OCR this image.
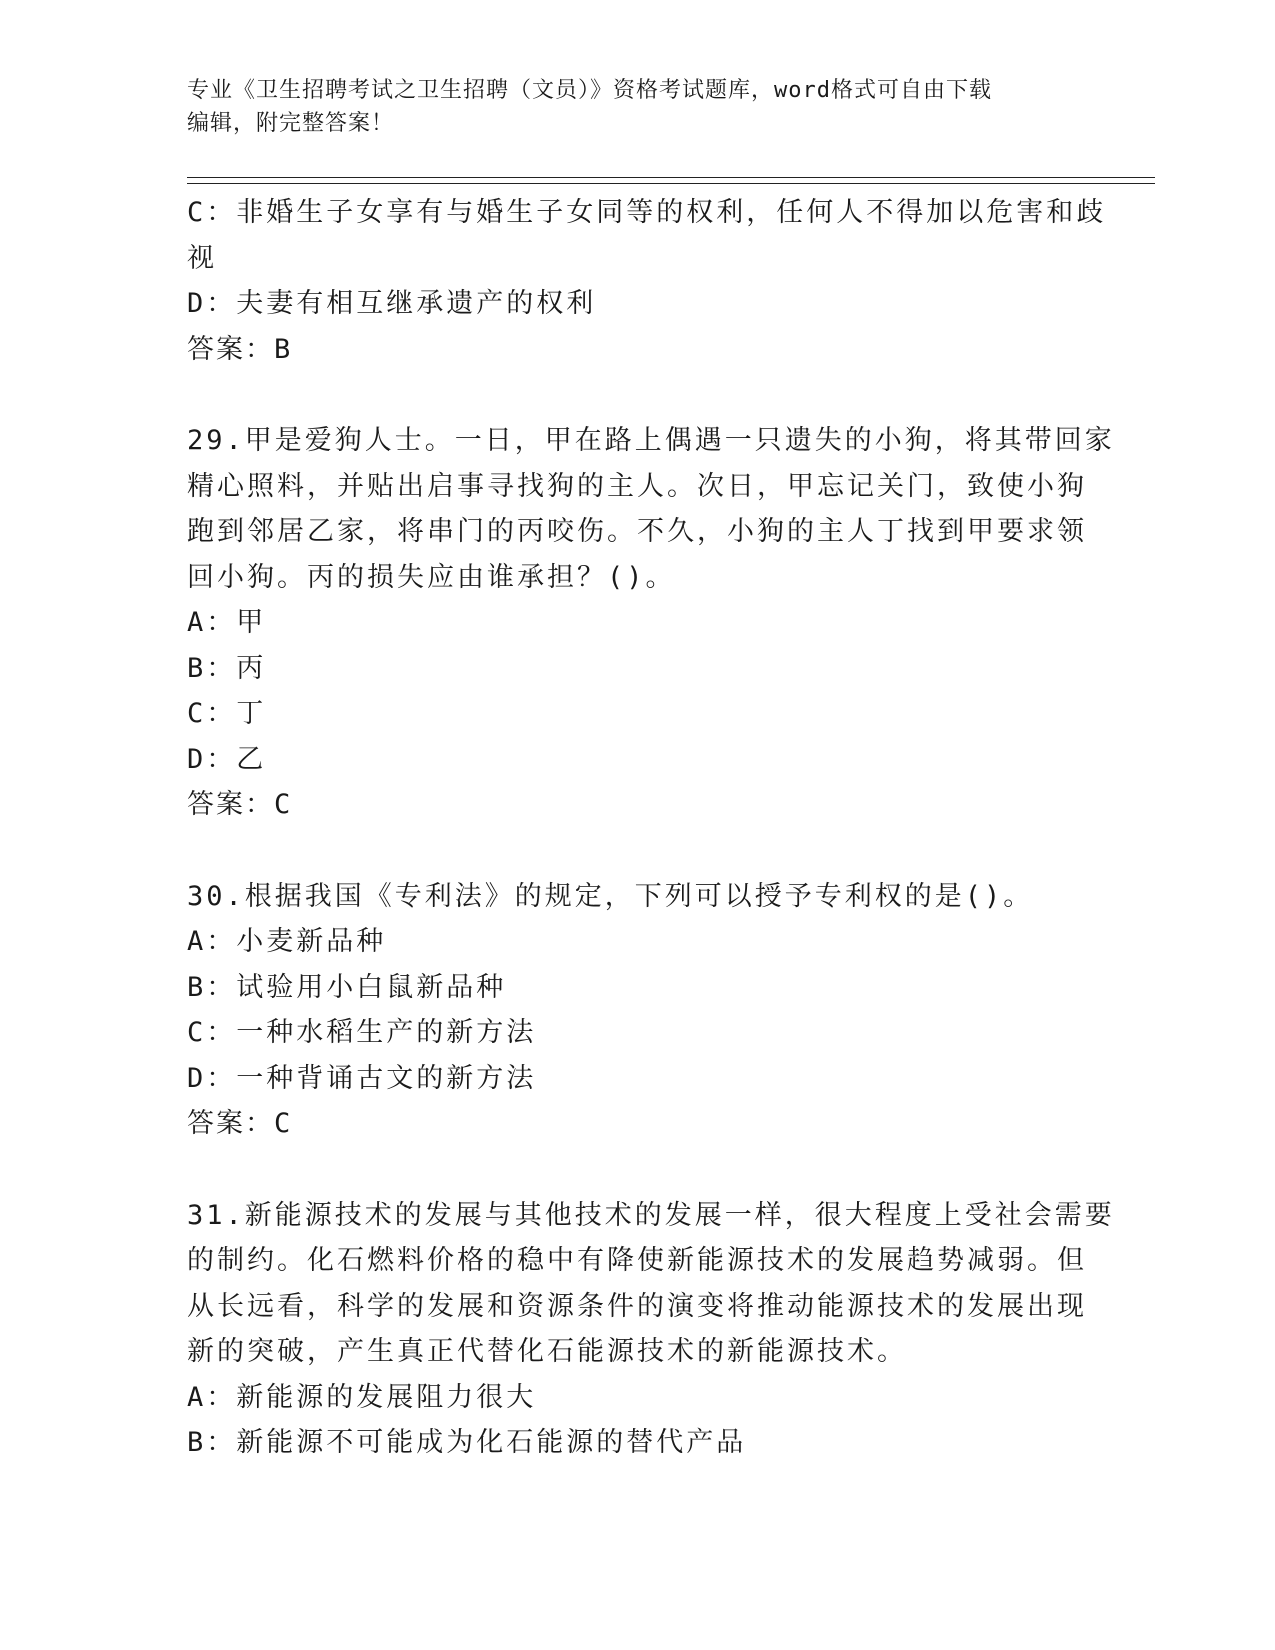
专业《卫生招聘考试之卫生招聘（文员）》资格考试题库，word格式可自由下载
编辑，附完整答案！
C：非婚生子女享有与婚生子女同等的权利，任何人不得加以危害和歧
视
D：夫妻有相互继承遗产的权利
答案：B
29.甲是爱狗人士。一日，甲在路上偶遇一只遗失的小狗，将其带回家
精心照料，并贴出启事寻找狗的主人。次日，甲忘记关门，致使小狗
跑到邻居乙家，将串门的丙咬伤。不久，小狗的主人丁找到甲要求领
回小狗。丙的损失应由谁承担？()。
A：甲
B：丙
C：丁
D：乙
答案：C
30.根据我国《专利法》的规定，下列可以授予专利权的是()。
A：小麦新品种
B：试验用小白鼠新品种
C：一种水稻生产的新方法
D：一种背诵古文的新方法
答案：C
31.新能源技术的发展与其他技术的发展一样，很大程度上受社会需要
的制约。化石燃料价格的稳中有降使新能源技术的发展趋势减弱。但
从长远看，科学的发展和资源条件的演变将推动能源技术的发展出现
新的突破，产生真正代替化石能源技术的新能源技术。
A：新能源的发展阻力很大
B：新能源不可能成为化石能源的替代产品
